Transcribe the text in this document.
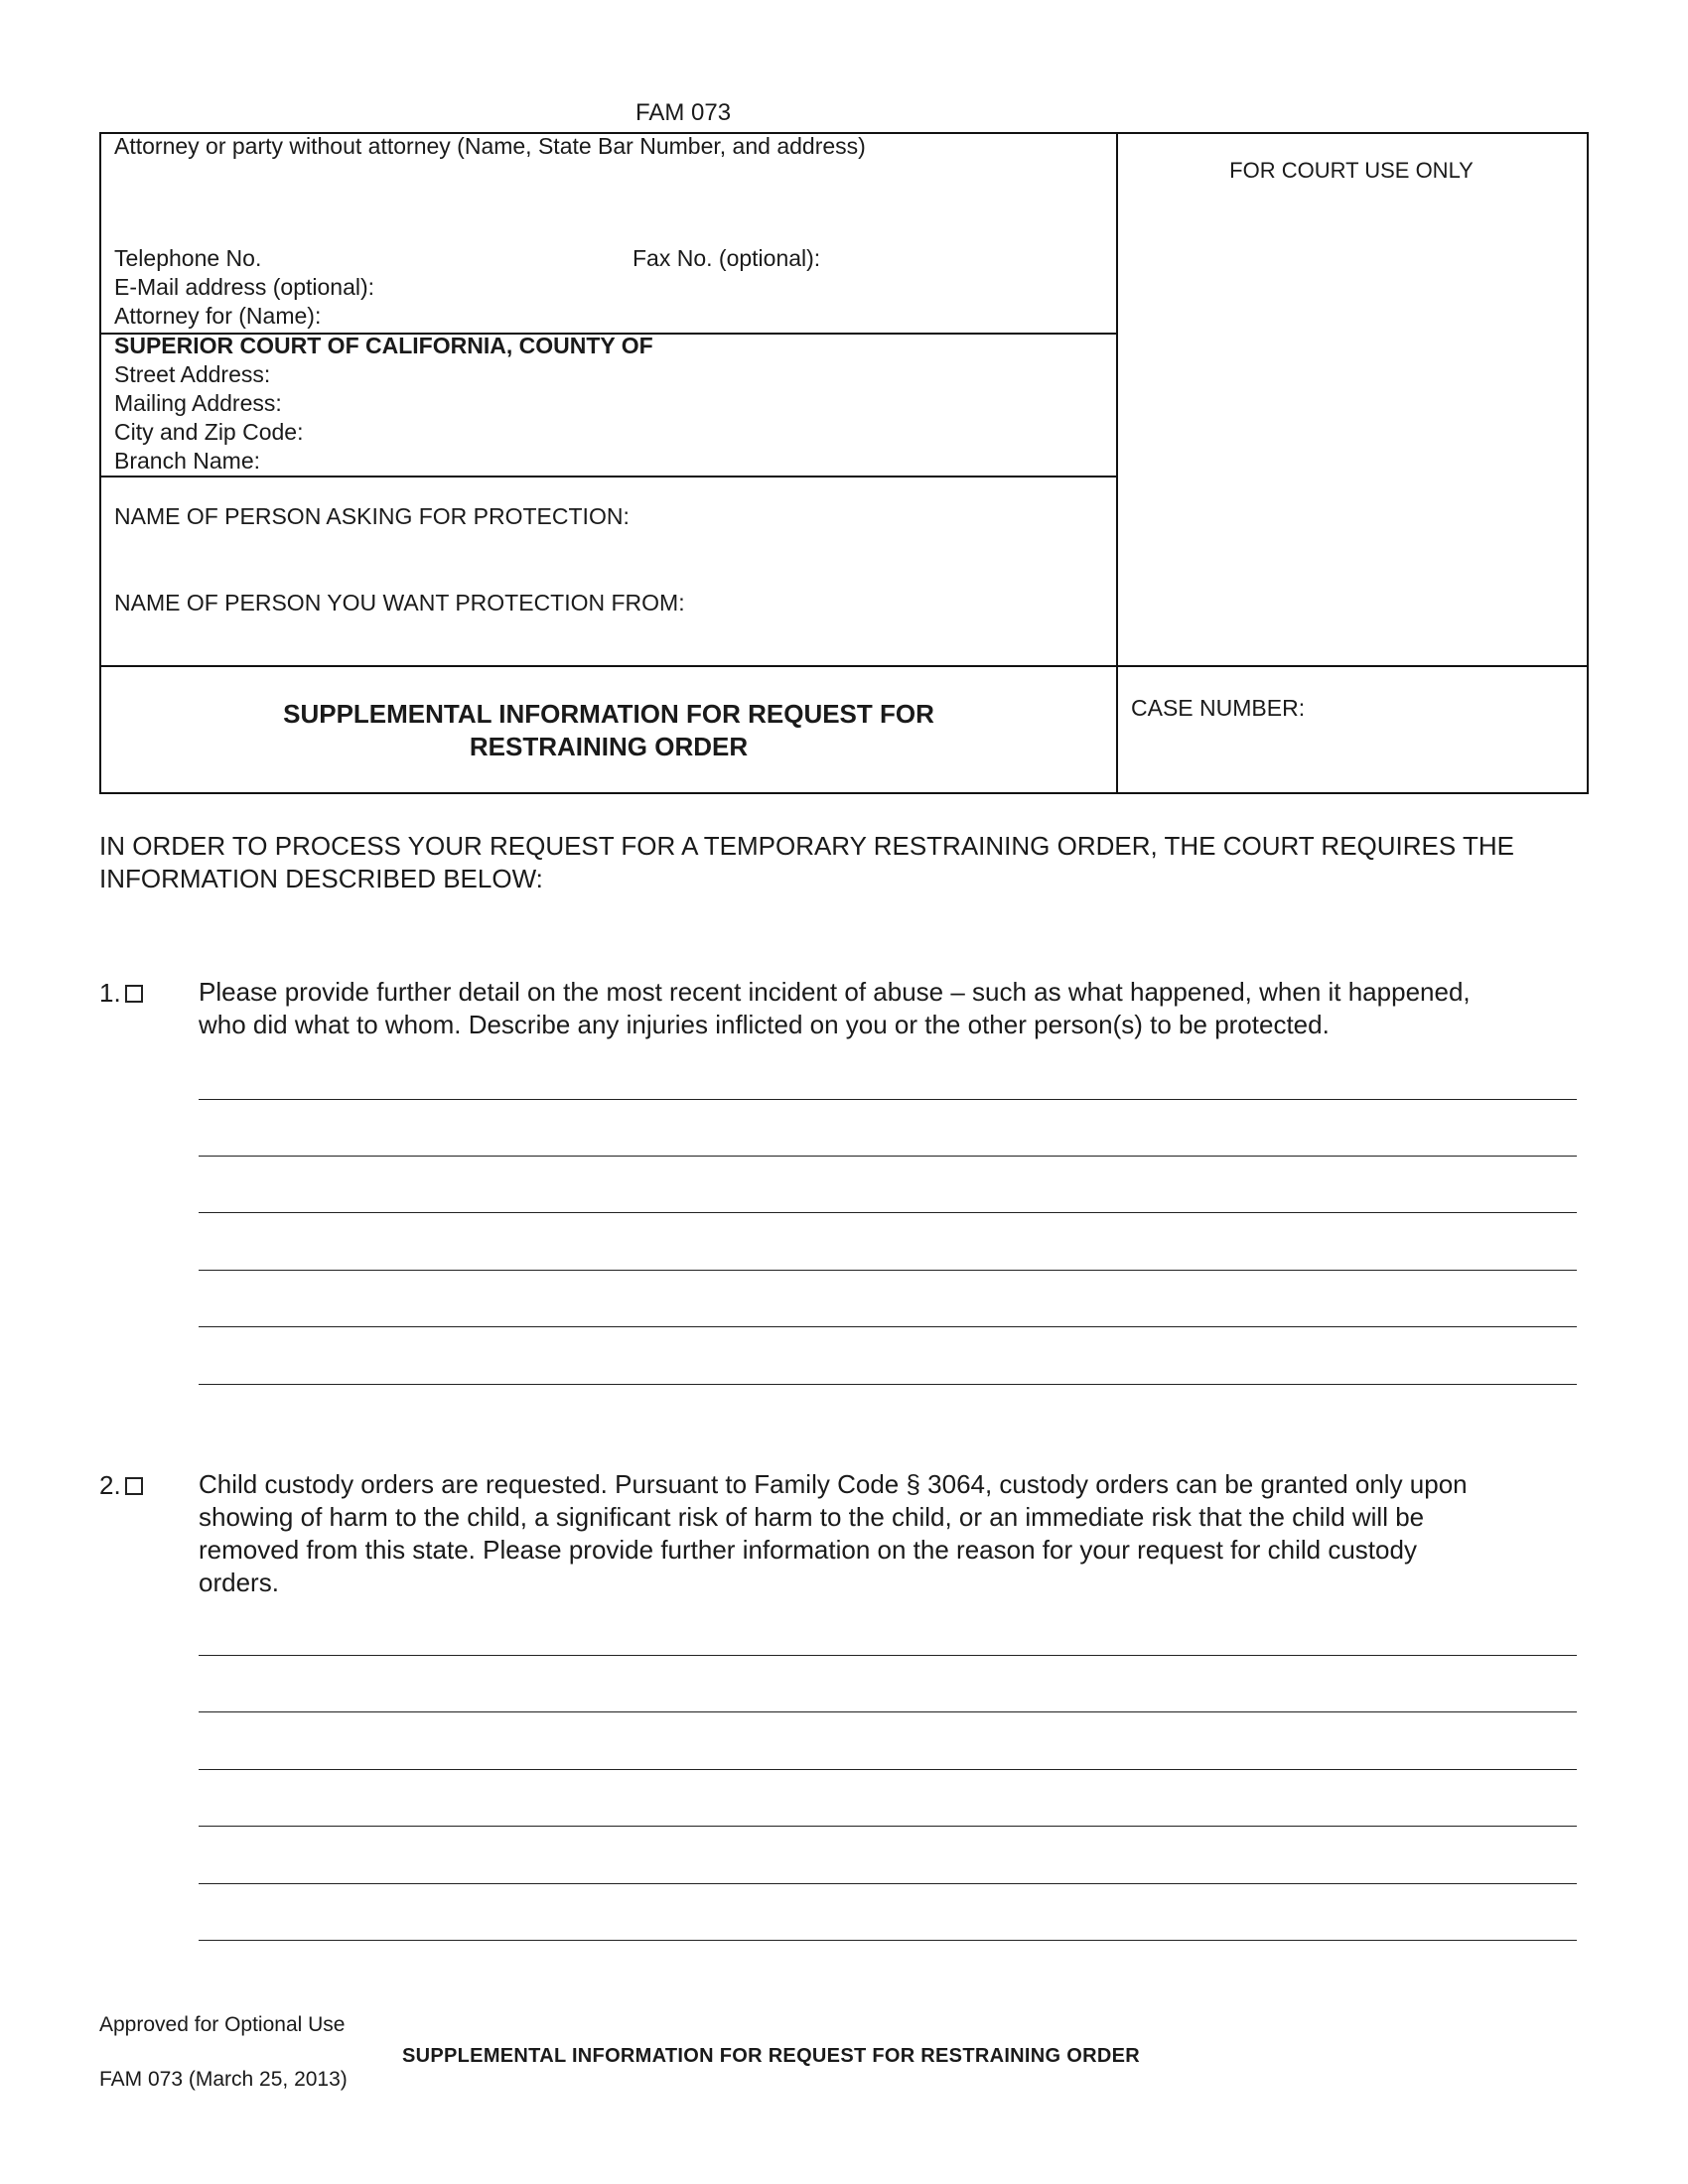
FAM 073
Attorney or party without attorney (Name, State Bar Number, and address)
Telephone No.	Fax No. (optional):
E-Mail address (optional):
Attorney for (Name):
SUPERIOR COURT OF CALIFORNIA, COUNTY OF
Street Address:
Mailing Address:
City and Zip Code:
Branch Name:
NAME OF PERSON ASKING FOR PROTECTION:
NAME OF PERSON YOU WANT PROTECTION FROM:
FOR COURT USE ONLY
CASE NUMBER:
SUPPLEMENTAL INFORMATION FOR REQUEST FOR
RESTRAINING ORDER
IN ORDER TO PROCESS YOUR REQUEST FOR A TEMPORARY RESTRAINING ORDER, THE COURT REQUIRES THE INFORMATION DESCRIBED BELOW:
1.	Please provide further detail on the most recent incident of abuse – such as what happened, when it happened,
who did what to whom. Describe any injuries inflicted on you or the other person(s) to be protected.
2.	Child custody orders are requested. Pursuant to Family Code § 3064, custody orders can be granted only upon
showing of harm to the child, a significant risk of harm to the child, or an immediate risk that the child will be
removed from this state. Please provide further information on the reason for your request for child custody
orders.
Approved for Optional Use
SUPPLEMENTAL INFORMATION FOR REQUEST FOR RESTRAINING ORDER
FAM 073 (March 25, 2013)
